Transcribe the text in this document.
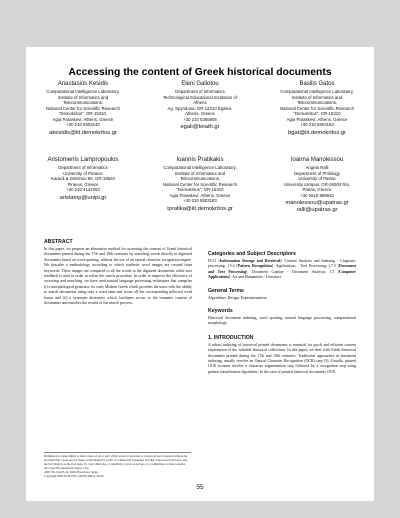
Accessing the content of Greek historical documents
Anastasios Kesidis
Computational Intelligence Laboratory,
Institute of Informatics and
Telecommunications,
National Center for Scientific Research
"Demokritos", GR-15310,
Agia Paraskevi, Athens, Greece
+30 210 6503140
akesidis@iit.demokritos.gr
Eleni Galiotou
Department of Informatics
Technological Educational Institution of
Athens
Ag. Spyridona, GR-12210 Egaleo,
Athens, Greece
+30 210 5385805
egali@teiath.gr
Basilis Gatos
Computational Intelligence Laboratory,
Institute of Informatics and
Telecommunications,
National Center for Scientific Research
"Demokritos", GR-15310
Agia Paraskevi, Athens, Greece
+30 210 6503183
bgat@iit.demokritos.gr
Aristomenis Lampropoulos
Department of Informatics
University of Piraeus
Karaoli & Dimitriou 80, GR-18534
Piraeus, Greece
+30 210 4142263
arislamp@unipi.gr
Ioannis Pratikakis
Computational Intelligence Laboratory,
Institute of Informatics and
Telecommunications,
National Center for Scientific Research
"Demokritos", GR-15310
Agia Paraskevi, Athens, Greece
+30 210 6503183
ipratika@iit.demokritos.gr
Ioanna Manolessou
Angela Ralli
Department of Philology
University of Patras
University campus, GR-26504 Rio,
Patras, Greece
+30 2610 969943
manolessou@upatras.gr
ralli@upatras.gr
ABSTRACT
In this paper, we propose an alternative method for accessing the content of Greek historical documents printed during the 17th and 18th centuries by searching words directly in digitized documents based on word spotting, without the use of an optical character recognition engine. We describe a methodology according to which synthetic word images are created from keywords. These images are compared to all the words in the digitized documents while user feedback is used in order to refine the search procedure. In order to improve the efficiency of accessing and searching, we have used natural language processing techniques that comprise (i) a morphological generator for early Modern Greek which provides the users with the ability to search documents using only a word stem and locate all the corresponding inflected word forms and (ii) a synonym dictionary which facilitates access to the semantic content of documents and enriches the results of the search process.
Permission to make digital or hard copies of all or part of this work for personal or classroom use is granted without fee provided that copies are not made or distributed for profit or commercial advantage and that copies bear this notice and the full citation on the first page. To copy otherwise, or republish, to post on servers or to redistribute to lists, requires prior specific permission and/or a fee.
AND '09, July23-24, 2009, Barcelona, Spain.
Copyright 2009 ACM 978-1-60558-496-6...$5.00
Categories and Subject Descriptors
H.3.1 [Information Storage and Retrieval]: Content Analysis and Indexing - Linguistic processing; I.5.4 [Pattern Recognition]: Applications - Text Processing; I.7.5 [Document and Text Processing]: Document Capture - Document Analysis; J.5 [Computer Applications]: Art and Humanities - Literature
General Terms
Algorithms, Design, Experimentation
Keywords
Historical document indexing, word spotting, natural language processing, computational morphology
1. INTRODUCTION
A robust indexing of historical printed documents is essential for quick and efficient content exploitation of the valuable historical collections. In this paper, we deal with Greek historical documents printed during the 17th and 18th centuries. Traditional approaches in document indexing, usually involve an Optical Character Recognition (OCR) step [3]. Usually, printed OCR systems involve a character segmentation step followed by a recognition step using pattern classification algorithms. In the case of printed historical documents OCR,
55
